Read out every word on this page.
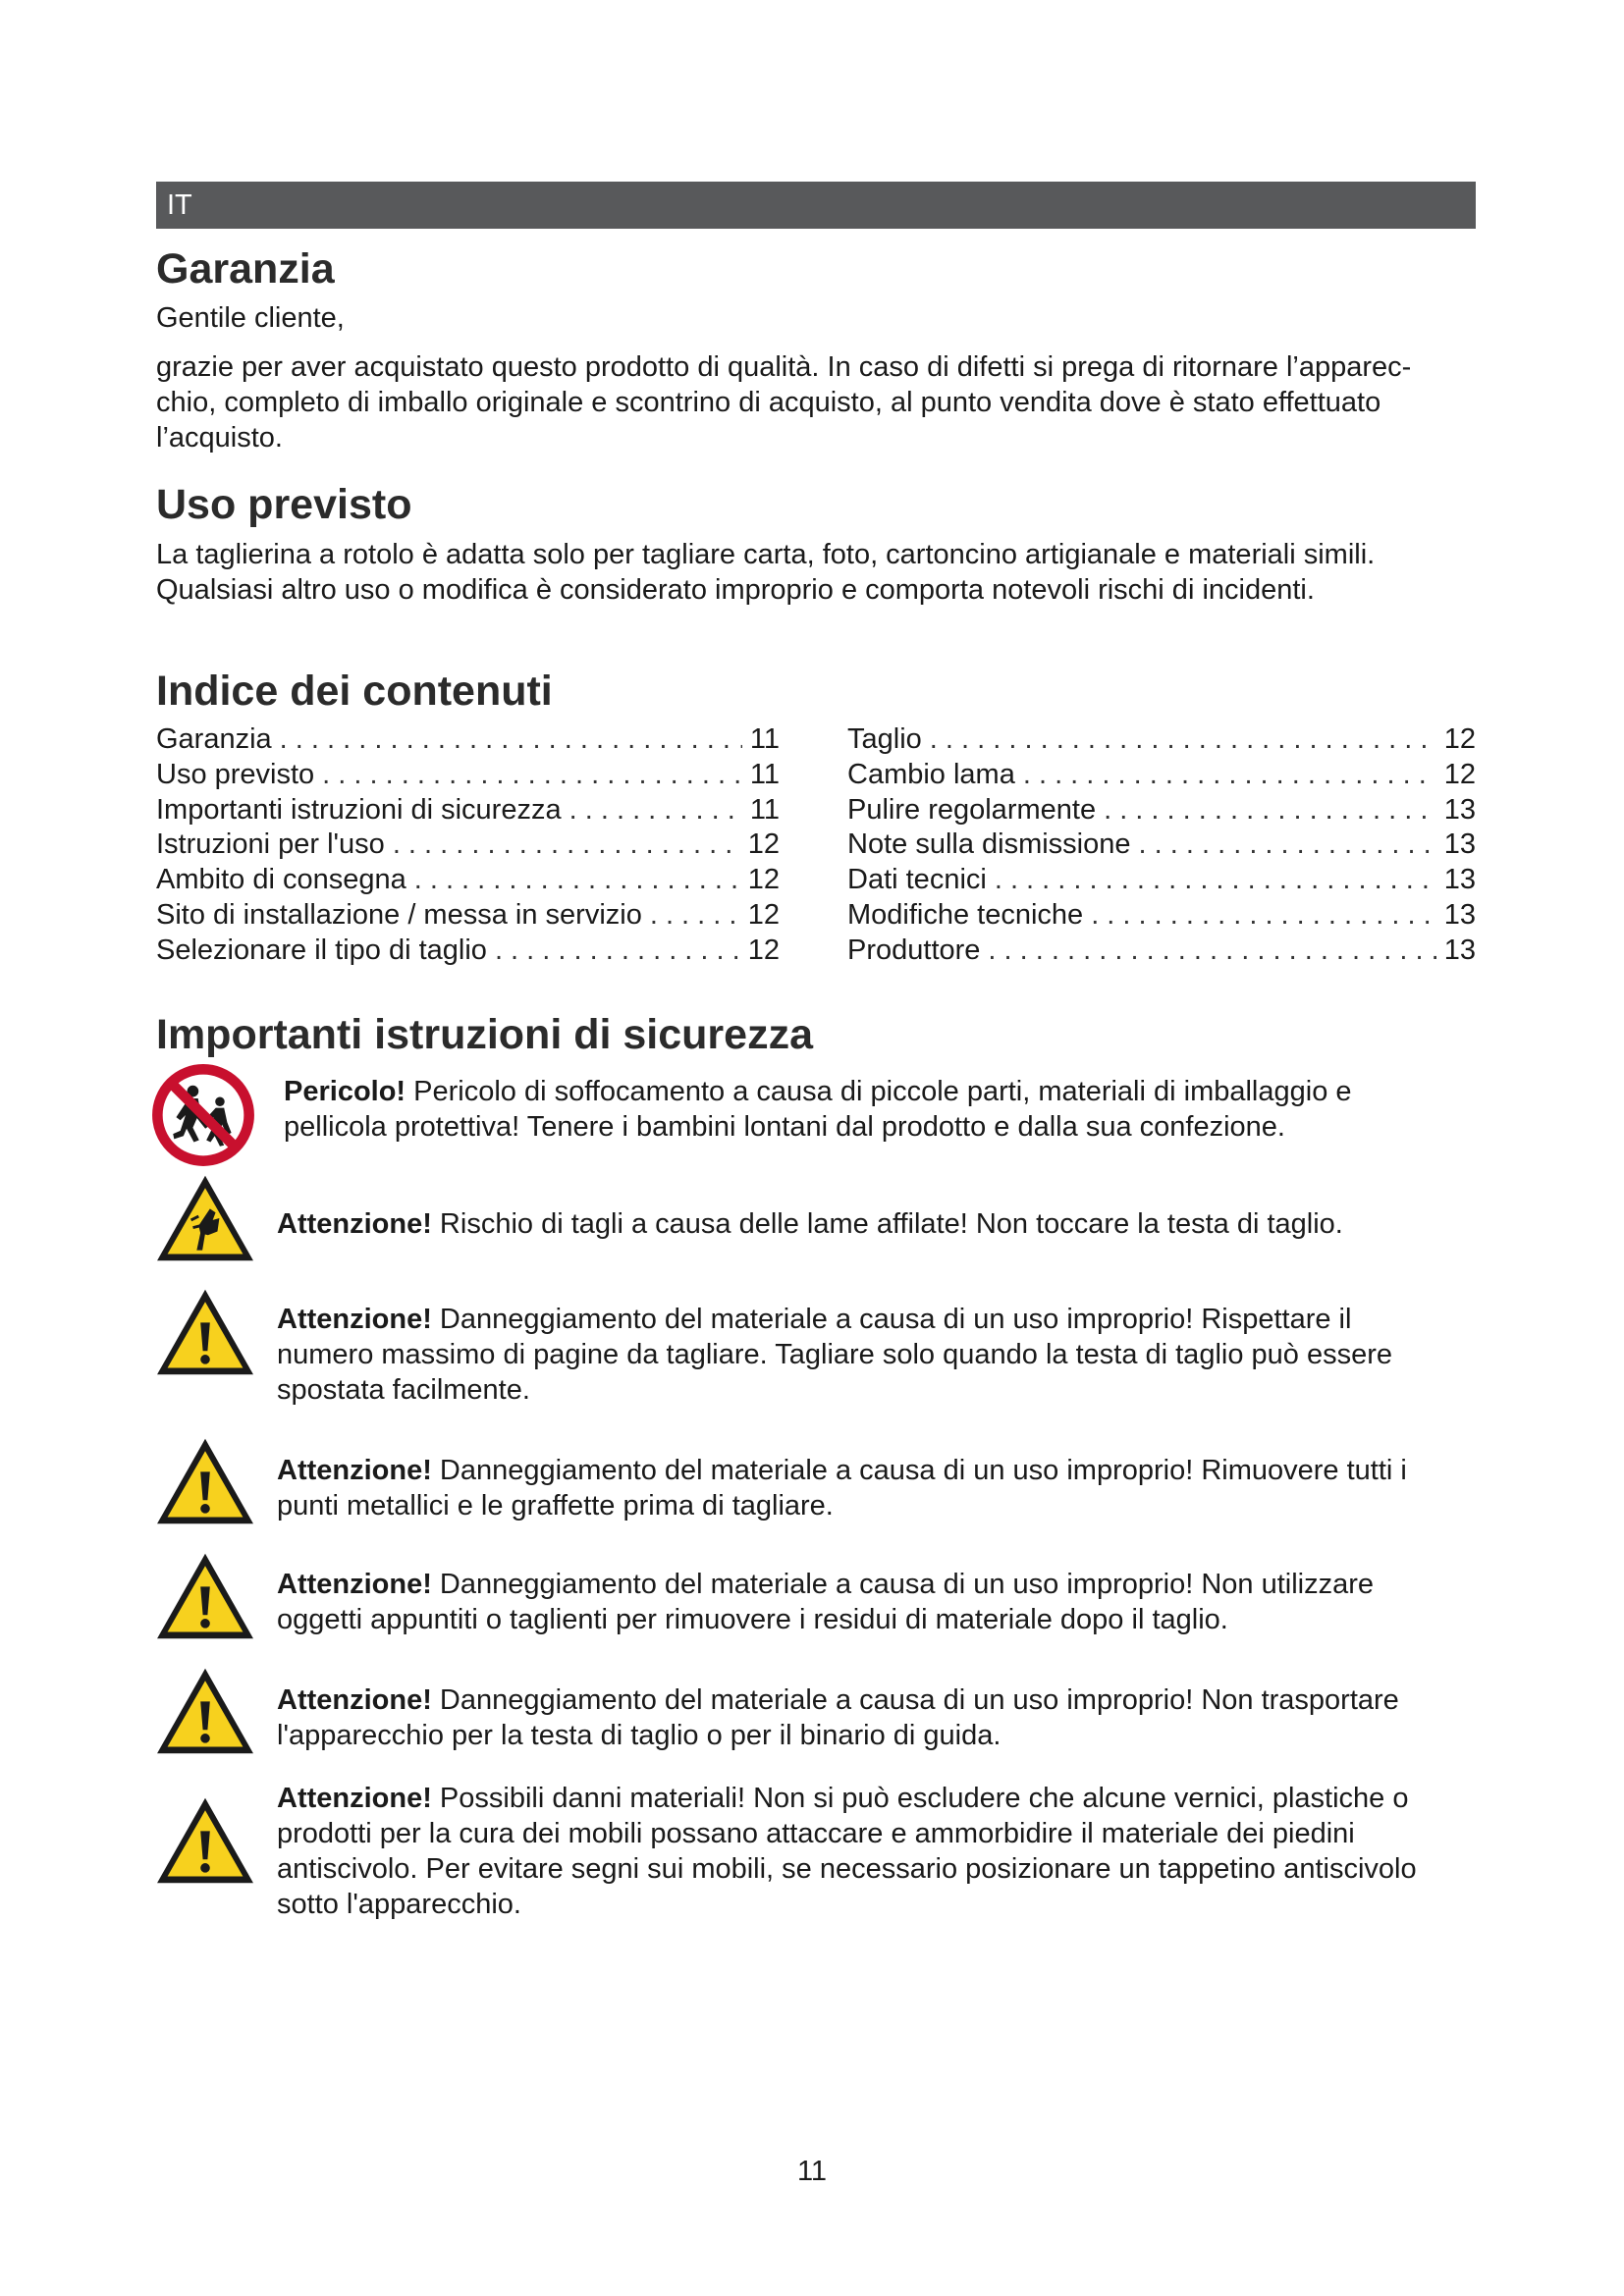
IT
Garanzia

Gentile cliente,

grazie per aver acquistato questo prodotto di qualità. In caso di difetti si prega di ritornare l’apparec-

chio, completo di imballo originale e scontrino di acquisto, al punto vendita dove è stato effettuato

l’acquisto.

Uso previsto

La taglierina a rotolo è adatta solo per tagliare carta, foto, cartoncino artigianale e materiali simili.

Qualsiasi altro uso o modifica è considerato improprio e comporta notevoli rischi di incidenti.

Indice dei contenuti
Garanzia . . .	11
Uso previsto . . .	11
Importanti istruzioni di sicurezza . . .	11
Istruzioni per l'uso . . .	12
Ambito di consegna . . .	12
Sito di installazione / messa in servizio . . .	12
Selezionare il tipo di taglio . . .	12
Taglio . . .	12
Cambio lama . . .	12
Pulire regolarmente . . .	13
Note sulla dismissione . . .	13
Dati tecnici . . .	13
Modifiche tecniche . . .	13
Produttore . . .	13
Importanti istruzioni di sicurezza

Pericolo! Pericolo di soffocamento a causa di piccole parti, materiali di imballaggio e

pellicola protettiva! Tenere i bambini lontani dal prodotto e dalla sua confezione.

Attenzione! Rischio di tagli a causa delle lame affilate! Non toccare la testa di taglio.

Attenzione! Danneggiamento del materiale a causa di un uso improprio! Rispettare il

numero massimo di pagine da tagliare. Tagliare solo quando la testa di taglio può essere

spostata facilmente.

Attenzione! Danneggiamento del materiale a causa di un uso improprio! Rimuovere tutti i

punti metallici e le graffette prima di tagliare.

Attenzione! Danneggiamento del materiale a causa di un uso improprio! Non utilizzare

oggetti appuntiti o taglienti per rimuovere i residui di materiale dopo il taglio.

Attenzione! Danneggiamento del materiale a causa di un uso improprio! Non trasportare

l'apparecchio per la testa di taglio o per il binario di guida.

Attenzione! Possibili danni materiali! Non si può escludere che alcune vernici, plastiche o

prodotti per la cura dei mobili possano attaccare e ammorbidire il materiale dei piedini

antiscivolo. Per evitare segni sui mobili, se necessario posizionare un tappetino antiscivolo

sotto l'apparecchio.

11
